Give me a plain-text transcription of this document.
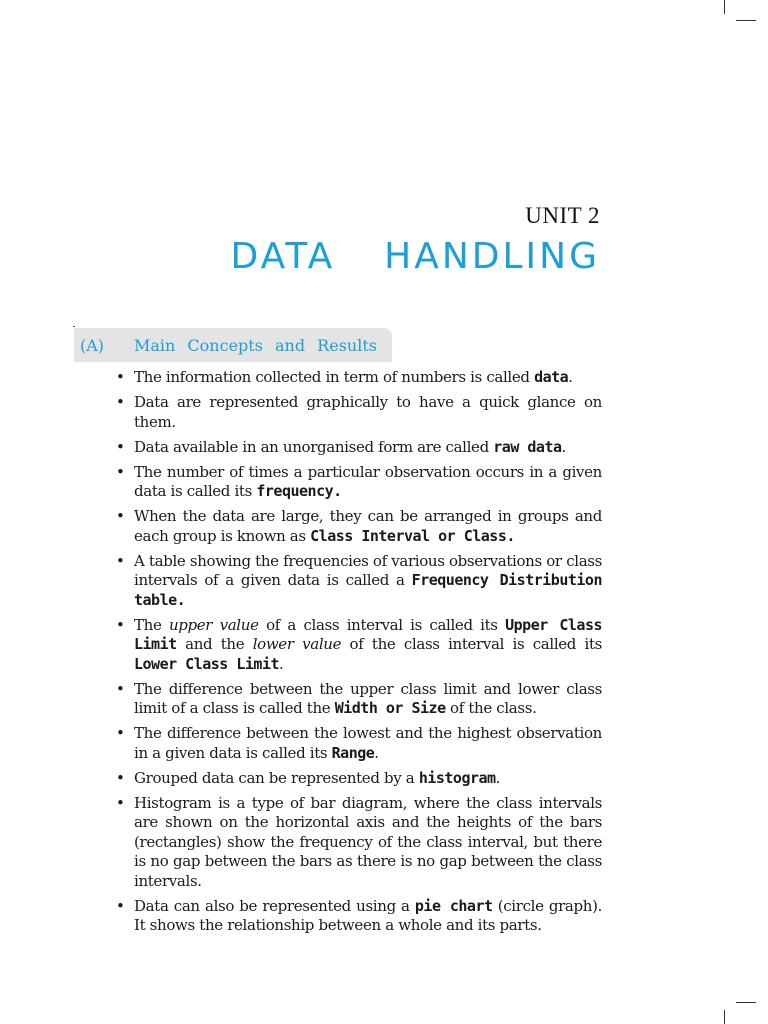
UNIT 2
DATA  HANDLING
(A)	Main Concepts and Results
• The information collected in term of numbers is called data.
• Data are represented graphically to have a quick glance on them.
• Data available in an unorganised form are called raw data.
• The number of times a particular observation occurs in a given data is called its frequency.
• When the data are large, they can be arranged in groups and each group is known as Class Interval or Class.
• A table showing the frequencies of various observations or class intervals of a given data is called a Frequency Distribution table.
• The upper value of a class interval is called its Upper Class Limit and the lower value of the class interval is called its Lower Class Limit.
• The difference between the upper class limit and lower class limit of a class is called the Width or Size of the class.
• The difference between the lowest and the highest observation in a given data is called its Range.
• Grouped data can be represented by a histogram.
• Histogram is a type of bar diagram, where the class intervals are shown on the horizontal axis and the heights of the bars (rectangles) show the frequency of the class interval, but there is no gap between the bars as there is no gap between the class intervals.
• Data can also be represented using a pie chart (circle graph). It shows the relationship between a whole and its parts.
